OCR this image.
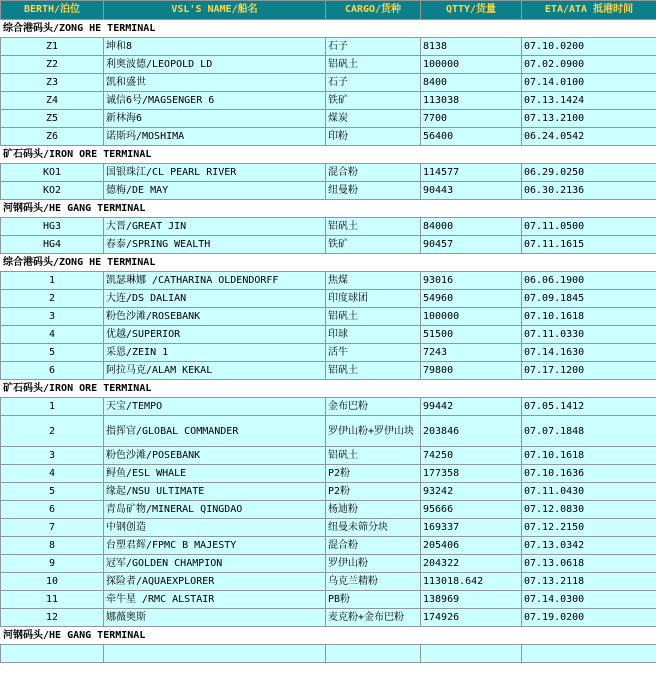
BERTH/泊位	VSL'S NAME/船名	CARGO/货种	QTTY/货量	ETA/ATA 抵港时间
综合港码头/ZONG HE TERMINAL				
Z1	坤和8	石子	8138	07.10.0200
Z2	利奥波德/LEOPOLD LD	铝矾土	100000	07.02.0900
Z3	凯和盛世	石子	8400	07.14.0100
Z4	诚信6号/MAGSENGER 6	铁矿	113038	07.13.1424
Z5	新林海6	煤炭	7700	07.13.2100
Z6	诺斯玛/MOSHIMA	印粉	56400	06.24.0542
矿石码头/IRON ORE TERMINAL				
KO1	国银珠江/CL PEARL RIVER	混合粉	114577	06.29.0250
KO2	德梅/DE MAY	纽曼粉	90443	06.30.2136
河钢码头/HE GANG TERMINAL				
HG3	大晋/GREAT JIN	铝矾土	84000	07.11.0500
HG4	春泰/SPRING WEALTH	铁矿	90457	07.11.1615
综合港码头/ZONG HE TERMINAL				
1	凯瑟琳娜 /CATHARINA OLDENDORFF	焦煤	93016	06.06.1900
2	大连/DS DALIAN	印度球团	54960	07.09.1845
3	粉色沙滩/ROSEBANK	铝矾土	100000	07.10.1618
4	优越/SUPERIOR	印球	51500	07.11.0330
5	采恩/ZEIN 1	活牛	7243	07.14.1630
6	阿拉马克/ALAM KEKAL	铝矾土	79800	07.17.1200
矿石码头/IRON ORE TERMINAL				
1	天宝/TEMPO	金布巴粉	99442	07.05.1412
2	指挥官/GLOBAL COMMANDER	罗伊山粉+罗伊山块	203846	07.07.1848
3	粉色沙滩/POSEBANK	铝矾土	74250	07.10.1618
4	鲟鱼/ESL WHALE	P2粉	177358	07.10.1636
5	缘起/NSU ULTIMATE	P2粉	93242	07.11.0430
6	青岛矿物/MINERAL QINGDAO	杨迪粉	95666	07.12.0830
7	中钢创造	纽曼未筛分块	169337	07.12.2150
8	台塑君辉/FPMC B MAJESTY	混合粉	205406	07.13.0342
9	冠军/GOLDEN CHAMPION	罗伊山粉	204322	07.13.0618
10	探险者/AQUAEXPLORER	乌克兰精粉	113018.642	07.13.2118
11	牵牛星 /RMC ALSTAIR	PB粉	138969	07.14.0300
12	娜薇奥斯	麦克粉+金布巴粉	174926	07.19.0200
河钢码头/HE GANG TERMINAL				
